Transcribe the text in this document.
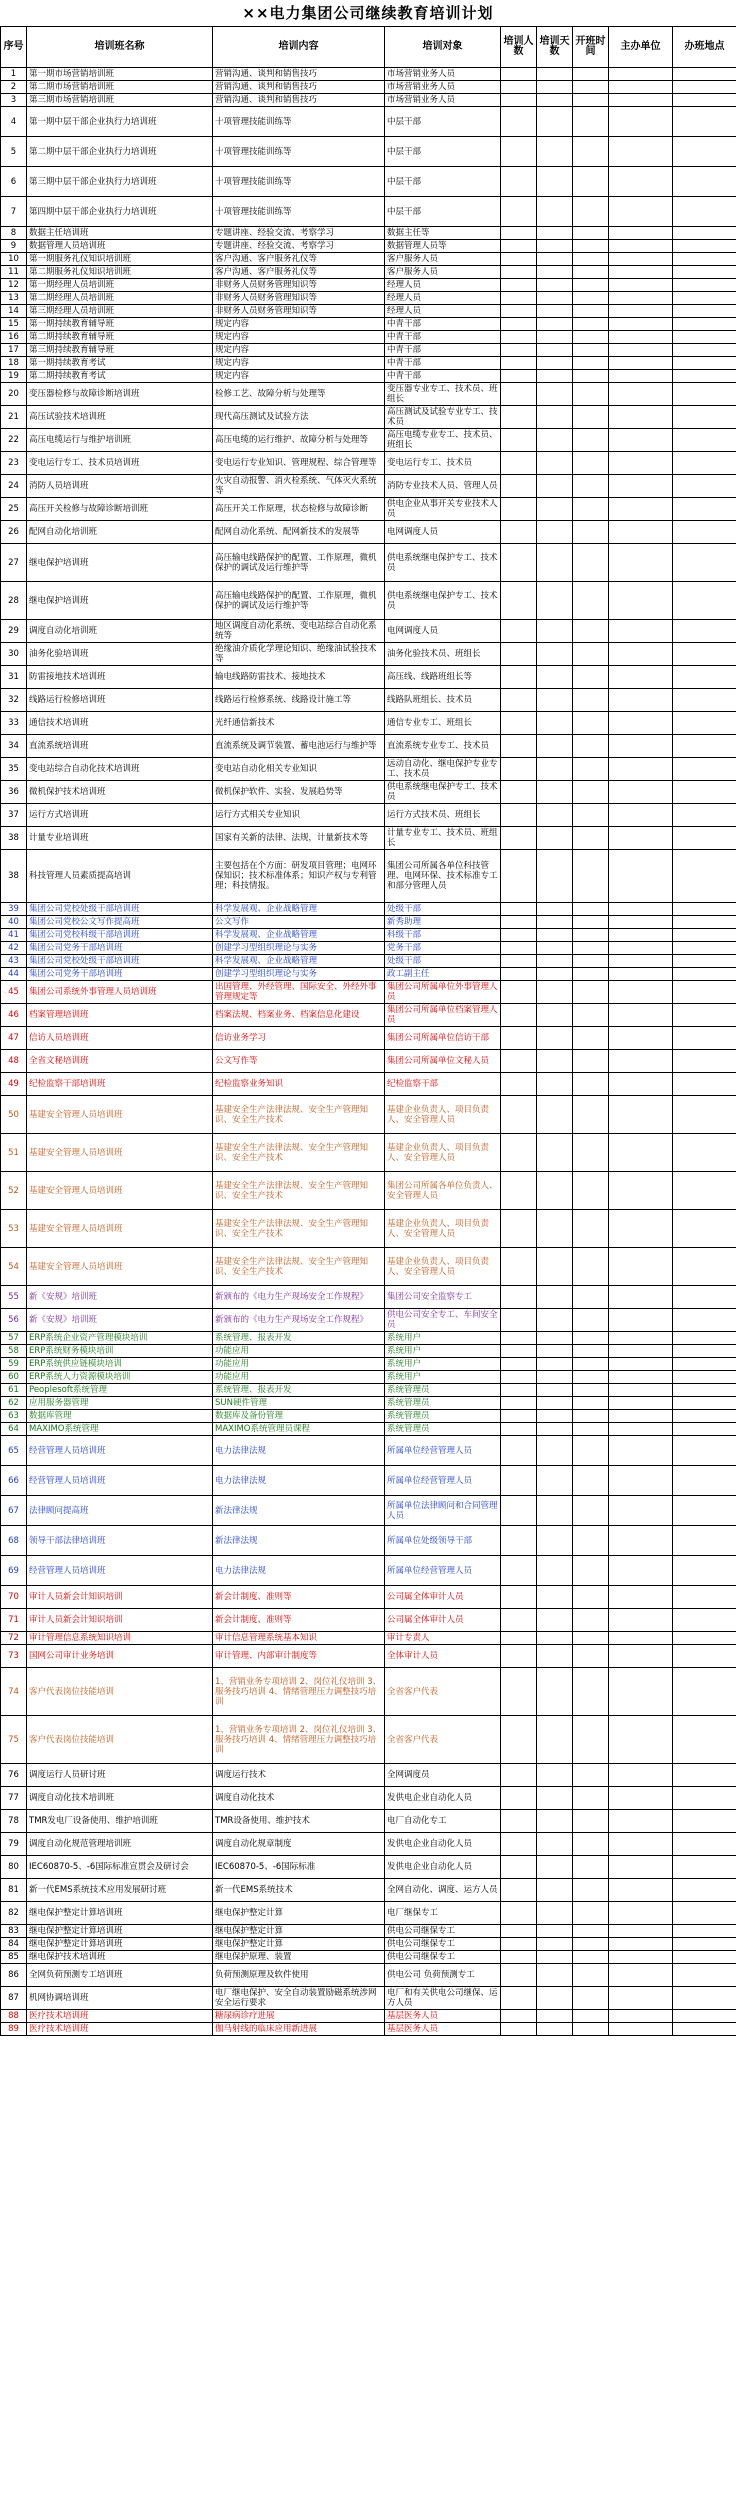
××电力集团公司继续教育培训计划
序号	培训班名称	培训内容	培训对象	培训人数	培训天数	开班时间	主办单位	办班地点
1	第一期市场营销培训班	营销沟通、谈判和销售技巧	市场营销业务人员					
2	第二期市场营销培训班	营销沟通、谈判和销售技巧	市场营销业务人员					
3	第三期市场营销培训班	营销沟通、谈判和销售技巧	市场营销业务人员					
4	第一期中层干部企业执行力培训班	十项管理技能训练等	中层干部					
5	第二期中层干部企业执行力培训班	十项管理技能训练等	中层干部					
6	第三期中层干部企业执行力培训班	十项管理技能训练等	中层干部					
7	第四期中层干部企业执行力培训班	十项管理技能训练等	中层干部					
8	数据主任培训班	专题讲座、经验交流、考察学习	数据主任等					
9	数据管理人员培训班	专题讲座、经验交流、考察学习	数据管理人员等					
10	第一期服务礼仪知识培训班	客户沟通、客户服务礼仪等	客户服务人员					
11	第二期服务礼仪知识培训班	客户沟通、客户服务礼仪等	客户服务人员					
12	第一期经理人员培训班	非财务人员财务管理知识等	经理人员					
13	第二期经理人员培训班	非财务人员财务管理知识等	经理人员					
14	第三期经理人员培训班	非财务人员财务管理知识等	经理人员					
15	第一期持续教育辅导班	规定内容	中青干部					
16	第二期持续教育辅导班	规定内容	中青干部					
17	第三期持续教育辅导班	规定内容	中青干部					
18	第一期持续教育考试	规定内容	中青干部					
19	第二期持续教育考试	规定内容	中青干部					
20	变压器检修与故障诊断培训班	检修工艺、故障分析与处理等	变压器专业专工、技术员、班组长					
21	高压试验技术培训班	现代高压测试及试验方法	高压测试及试验专业专工、技术员					
22	高压电缆运行与维护培训班	高压电缆的运行维护、故障分析与处理等	高压电缆专业专工、技术员、班组长					
23	变电运行专工、技术员培训班	变电运行专业知识、管理规程、综合管理等	变电运行专工、技术员					
24	消防人员培训班	火灾自动报警、消火栓系统、气体灭火系统等	消防专业技术人员、管理人员					
25	高压开关检修与故障诊断培训班	高压开关工作原理，状态检修与故障诊断	供电企业从事开关专业技术人员					
26	配网自动化培训班	配网自动化系统、配网新技术的发展等	电网调度人员					
27	继电保护培训班	高压输电线路保护的配置、工作原理，微机保护的调试及运行维护等	供电系统继电保护专工、技术员					
28	继电保护培训班	高压输电线路保护的配置、工作原理，微机保护的调试及运行维护等	供电系统继电保护专工、技术员					
29	调度自动化培训班	地区调度自动化系统、变电站综合自动化系统等	电网调度人员					
30	油务化验培训班	绝缘油介质化学理论知识、绝缘油试验技术等	油务化验技术员、班组长					
31	防雷接地技术培训班	输电线路防雷技术、接地技术	高压线、线路班组长等					
32	线路运行检修培训班	线路运行检修系统、线路设计施工等	线路队班组长、技术员					
33	通信技术培训班	光纤通信新技术	通信专业专工、班组长					
34	直流系统培训班	直流系统及调节装置、蓄电池运行与维护等	直流系统专业专工、技术员					
35	变电站综合自动化技术培训班	变电站自动化相关专业知识	远动自动化、继电保护专业专工、技术员					
36	微机保护技术培训班	微机保护软件、实验、发展趋势等	供电系统继电保护专工、技术员					
37	运行方式培训班	运行方式相关专业知识	运行方式技术员、班组长					
38	计量专业培训班	国家有关新的法律、法规，计量新技术等	计量专业专工、技术员、班组长					
38	科技管理人员素质提高培训	主要包括在个方面：研发项目管理；电网环保知识；技术标准体系；知识产权与专利管理；科技情报。	集团公司所属各单位科技管理、电网环保、技术标准专工和部分管理人员					
39	集团公司党校处级干部培训班	科学发展观、企业战略管理	处级干部					
40	集团公司党校公文写作提高班	公文写作	新秀助理					
41	集团公司党校科级干部培训班	科学发展观、企业战略管理	科级干部					
42	集团公司党务干部培训班	创建学习型组织理论与实务	党务干部					
43	集团公司党校处级干部培训班	科学发展观、企业战略管理	处级干部					
44	集团公司党务干部培训班	创建学习型组织理论与实务	政工副主任					
45	集团公司系统外事管理人员培训班	出国管理、外经管理、国际安全、外经外事管理规定等	集团公司所属单位外事管理人员					
46	档案管理培训班	档案法规、档案业务、档案信息化建设	集团公司所属单位档案管理人员					
47	信访人员培训班	信访业务学习	集团公司所属单位信访干部					
48	全省文秘培训班	公文写作等	集团公司所属单位文秘人员					
49	纪检监察干部培训班	纪检监察业务知识	纪检监察干部					
50	基建安全管理人员培训班	基建安全生产法律法规、安全生产管理知识、安全生产技术	基建企业负责人、项目负责人、安全管理人员					
51	基建安全管理人员培训班	基建安全生产法律法规、安全生产管理知识、安全生产技术	基建企业负责人、项目负责人、安全管理人员					
52	基建安全管理人员培训班	基建安全生产法律法规、安全生产管理知识、安全生产技术	集团公司所属各单位负责人、安全管理人员					
53	基建安全管理人员培训班	基建安全生产法律法规、安全生产管理知识、安全生产技术	基建企业负责人、项目负责人、安全管理人员					
54	基建安全管理人员培训班	基建安全生产法律法规、安全生产管理知识、安全生产技术	基建企业负责人、项目负责人、安全管理人员					
55	新《安规》培训班	新颁布的《电力生产现场安全工作规程》	集团公司安全监察专工					
56	新《安规》培训班	新颁布的《电力生产现场安全工作规程》	供电公司安全专工、车间安全员					
57	ERP系统企业资产管理模块培训	系统管理、报表开发	系统用户					
58	ERP系统财务模块培训	功能应用	系统用户					
59	ERP系统供应链模块培训	功能应用	系统用户					
60	ERP系统人力资源模块培训	功能应用	系统用户					
61	Peoplesoft系统管理	系统管理、报表开发	系统管理员					
62	应用服务器管理	SUN硬件管理	系统管理员					
63	数据库管理	数据库及备份管理	系统管理员					
64	MAXIMO系统管理	MAXIMO系统管理员课程	系统管理员					
65	经营管理人员培训班	电力法律法规	所属单位经营管理人员					
66	经营管理人员培训班	电力法律法规	所属单位经营管理人员					
67	法律顾问提高班	新法律法规	所属单位法律顾问和合同管理人员					
68	领导干部法律培训班	新法律法规	所属单位处级领导干部					
69	经营管理人员培训班	电力法律法规	所属单位经营管理人员					
70	审计人员新会计知识培训	新会计制度、准则等	公司属全体审计人员					
71	审计人员新会计知识培训	新会计制度、准则等	公司属全体审计人员					
72	审计管理信息系统知识培训	审计信息管理系统基本知识	审计专责人					
73	国网公司审计业务培训	审计管理、内部审计制度等	全体审计人员					
74	客户代表岗位技能培训	1、营销业务专项培训 2、岗位礼仪培训 3、服务技巧培训 4、情绪管理压力调整技巧培训	全省客户代表					
75	客户代表岗位技能培训	1、营销业务专项培训 2、岗位礼仪培训 3、服务技巧培训 4、情绪管理压力调整技巧培训	全省客户代表					
76	调度运行人员研讨班	调度运行技术	全网调度员					
77	调度自动化技术培训班	调度自动化技术	发供电企业自动化人员					
78	TMR发电厂设备使用、维护培训班	TMR设备使用、维护技术	电厂自动化专工					
79	调度自动化规范管理培训班	调度自动化规章制度	发供电企业自动化人员					
80	IEC60870-5、-6国际标准宣贯会及研讨会	IEC60870-5、-6国际标准	发供电企业自动化人员					
81	新一代EMS系统技术应用发展研讨班	新一代EMS系统技术	全网自动化、调度、运方人员					
82	继电保护整定计算培训班	继电保护整定计算	电厂继保专工					
83	继电保护整定计算培训班	继电保护整定计算	供电公司继保专工					
84	继电保护整定计算培训班	继电保护整定计算	供电公司继保专工					
85	继电保护技术培训班	继电保护原理、装置	供电公司继保专工					
86	全网负荷预测专工培训班	负荷预测原理及软件使用	供电公司 负荷预测专工					
87	机网协调培训班	电厂继电保护、安全自动装置励磁系统涉网安全运行要求	电厂和有关供电公司继保、运方人员					
88	医疗技术培训班	糖尿病诊疗进展	基层医务人员					
89	医疗技术培训班	伽马射线的临床应用新进展	基层医务人员					
